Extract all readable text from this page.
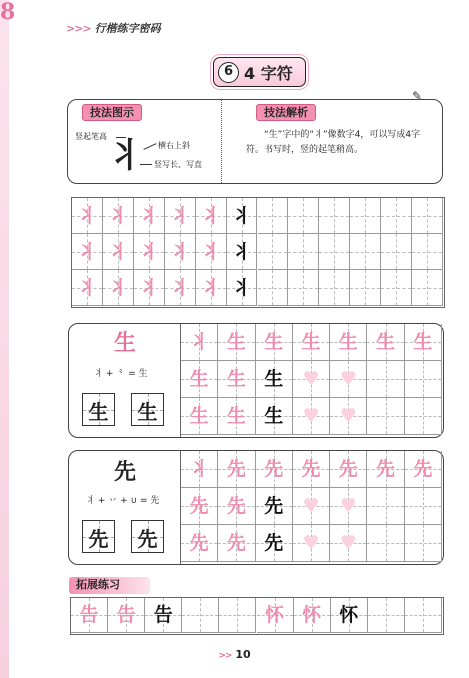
8
>>> 行楷练字密码
6 4 字符
技法图示	技法解析
✎
竖起笔高 丬 横右上斜
竖写长、写直
“生”字中的“丬”像数字4，可以写成4字符。书写时，竖的起笔稍高。
丬 丬 丬 丬 丬 丬
丬 丬 丬 丬 丬 丬
丬 丬 丬 丬 丬 丬
生
丬 + ⺀ = 生
生 生
丬 生 生 生 生 生 生
生 生 生	♥	♥
生 生 生	♥	♥
先
丬 + 丷 + ∪ = 先
先 先
丬 先 先 先 先 先 先
先 先 先	♥	♥
先 先 先	♥	♥
拓展练习
告 告 告	怀 怀 怀
>> 10
